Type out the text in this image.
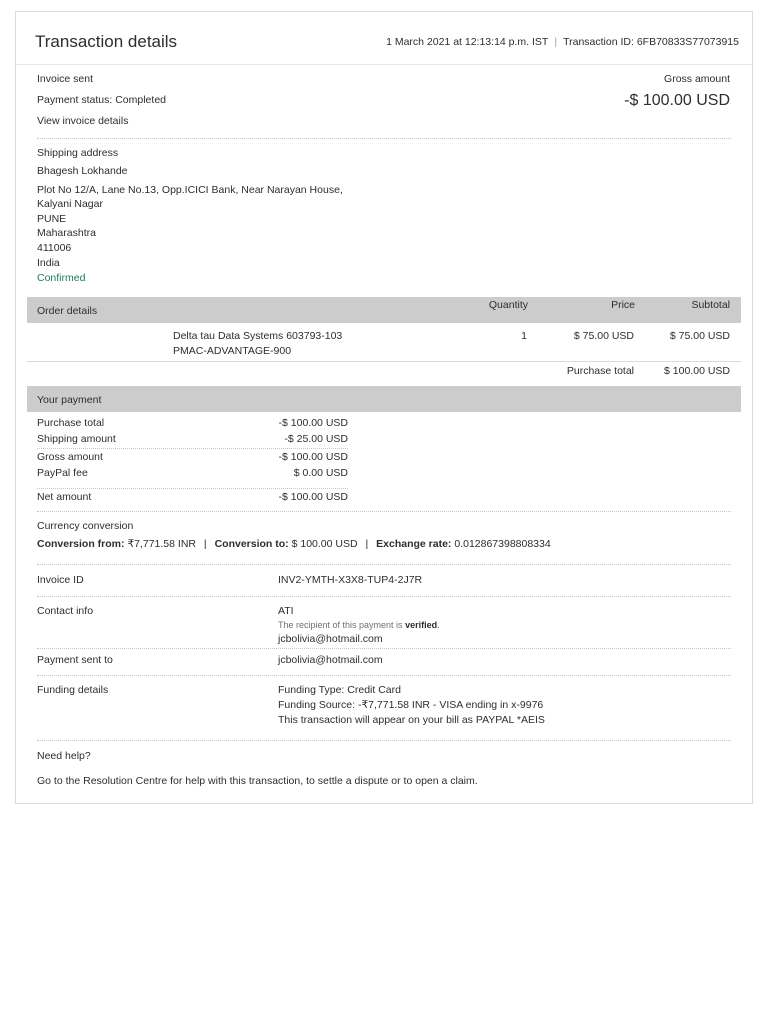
Transaction details	1 March 2021 at 12:13:14 p.m. IST | Transaction ID: 6FB70833S77073915
Invoice sent
Payment status: Completed
View invoice details
Gross amount
-$ 100.00 USD
Shipping address
Bhagesh Lokhande
Plot No 12/A, Lane No.13, Opp.ICICI Bank, Near Narayan House,
Kalyani Nagar
PUNE
Maharashtra
411006
India
Confirmed
Order details	Quantity	Price	Subtotal
Delta tau Data Systems 603793-103
PMAC-ADVANTAGE-900
1	$ 75.00 USD	$ 75.00 USD
Purchase total	$ 100.00 USD
Your payment
Purchase total	-$ 100.00 USD
Shipping amount	-$ 25.00 USD
Gross amount	-$ 100.00 USD
PayPal fee	$ 0.00 USD
Net amount	-$ 100.00 USD
Currency conversion
Conversion from: ₹7,771.58 INR | Conversion to: $ 100.00 USD | Exchange rate: 0.012867398808334
Invoice ID	INV2-YMTH-X3X8-TUP4-2J7R
Contact info	ATI
The recipient of this payment is verified.
jcbolivia@hotmail.com
Payment sent to	jcbolivia@hotmail.com
Funding details	Funding Type: Credit Card
Funding Source: -₹7,771.58 INR - VISA ending in x-9976
This transaction will appear on your bill as PAYPAL *AEIS
Need help?
Go to the Resolution Centre for help with this transaction, to settle a dispute or to open a claim.
